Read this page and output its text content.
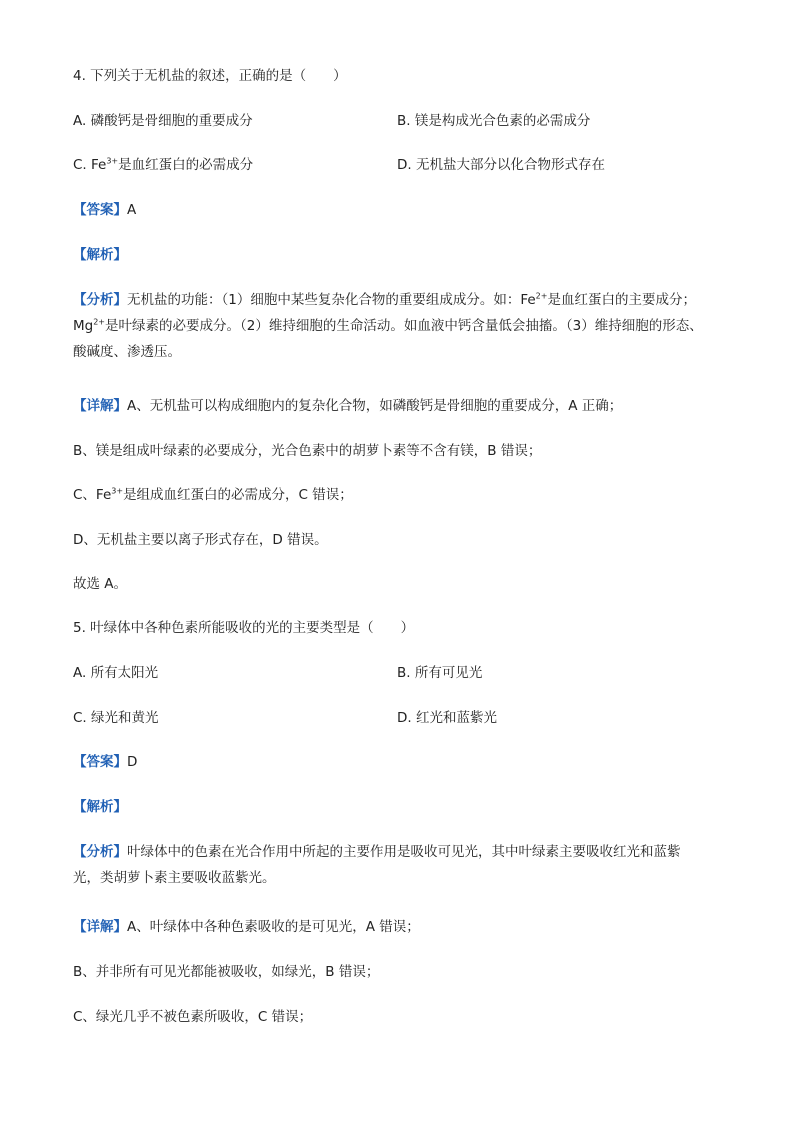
4. 下列关于无机盐的叙述，正确的是（　　）
A. 磷酸钙是骨细胞的重要成分	B. 镁是构成光合色素的必需成分
C. $Fe^{3+}$是血红蛋白的必需成分	D. 无机盐大部分以化合物形式存在
【答案】A
【解析】
【分析】无机盐的功能：（1）细胞中某些复杂化合物的重要组成成分。如：$Fe^{2+}$是血红蛋白的主要成分；
$Mg^{2+}$是叶绿素的必要成分。（2）维持细胞的生命活动。如血液中钙含量低会抽搐。（3）维持细胞的形态、
酸碱度、渗透压。
【详解】A、无机盐可以构成细胞内的复杂化合物，如磷酸钙是骨细胞的重要成分，A 正确；
B、镁是组成叶绿素的必要成分，光合色素中的胡萝卜素等不含有镁，B 错误；
C、$Fe^{3+}$是组成血红蛋白的必需成分，C 错误；
D、无机盐主要以离子形式存在，D 错误。
故选 A。
5. 叶绿体中各种色素所能吸收的光的主要类型是（　　）
A. 所有太阳光	B. 所有可见光
C. 绿光和黄光	D. 红光和蓝紫光
【答案】D
【解析】
【分析】叶绿体中的色素在光合作用中所起的主要作用是吸收可见光，其中叶绿素主要吸收红光和蓝紫
光，类胡萝卜素主要吸收蓝紫光。
【详解】A、叶绿体中各种色素吸收的是可见光，A 错误；
B、并非所有可见光都能被吸收，如绿光，B 错误；
C、绿光几乎不被色素所吸收，C 错误；
